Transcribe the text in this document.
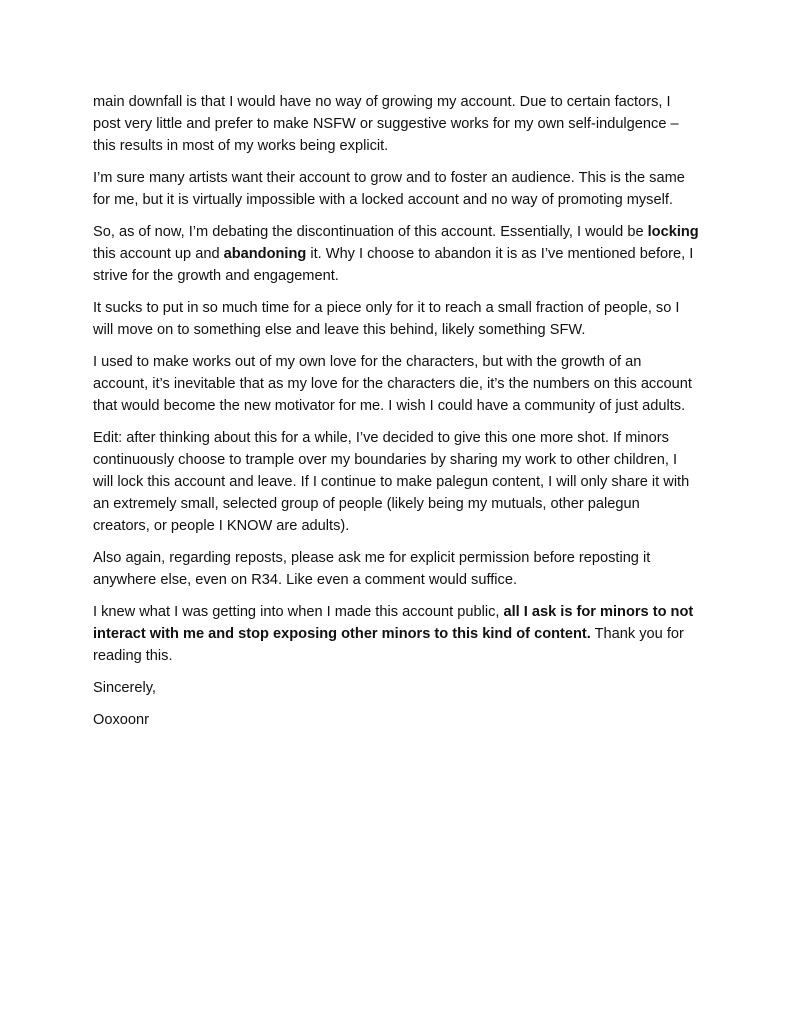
main downfall is that I would have no way of growing my account. Due to certain factors, I post very little and prefer to make NSFW or suggestive works for my own self-indulgence – this results in most of my works being explicit.

I’m sure many artists want their account to grow and to foster an audience. This is the same for me, but it is virtually impossible with a locked account and no way of promoting myself.

So, as of now, I’m debating the discontinuation of this account. Essentially, I would be locking this account up and abandoning it. Why I choose to abandon it is as I’ve mentioned before, I strive for the growth and engagement.

It sucks to put in so much time for a piece only for it to reach a small fraction of people, so I will move on to something else and leave this behind, likely something SFW.

I used to make works out of my own love for the characters, but with the growth of an account, it’s inevitable that as my love for the characters die, it’s the numbers on this account that would become the new motivator for me. I wish I could have a community of just adults.

Edit: after thinking about this for a while, I’ve decided to give this one more shot. If minors continuously choose to trample over my boundaries by sharing my work to other children, I will lock this account and leave. If I continue to make palegun content, I will only share it with an extremely small, selected group of people (likely being my mutuals, other palegun creators, or people I KNOW are adults).

Also again, regarding reposts, please ask me for explicit permission before reposting it anywhere else, even on R34. Like even a comment would suffice.

I knew what I was getting into when I made this account public, all I ask is for minors to not interact with me and stop exposing other minors to this kind of content. Thank you for reading this.

Sincerely,

Ooxoonr
